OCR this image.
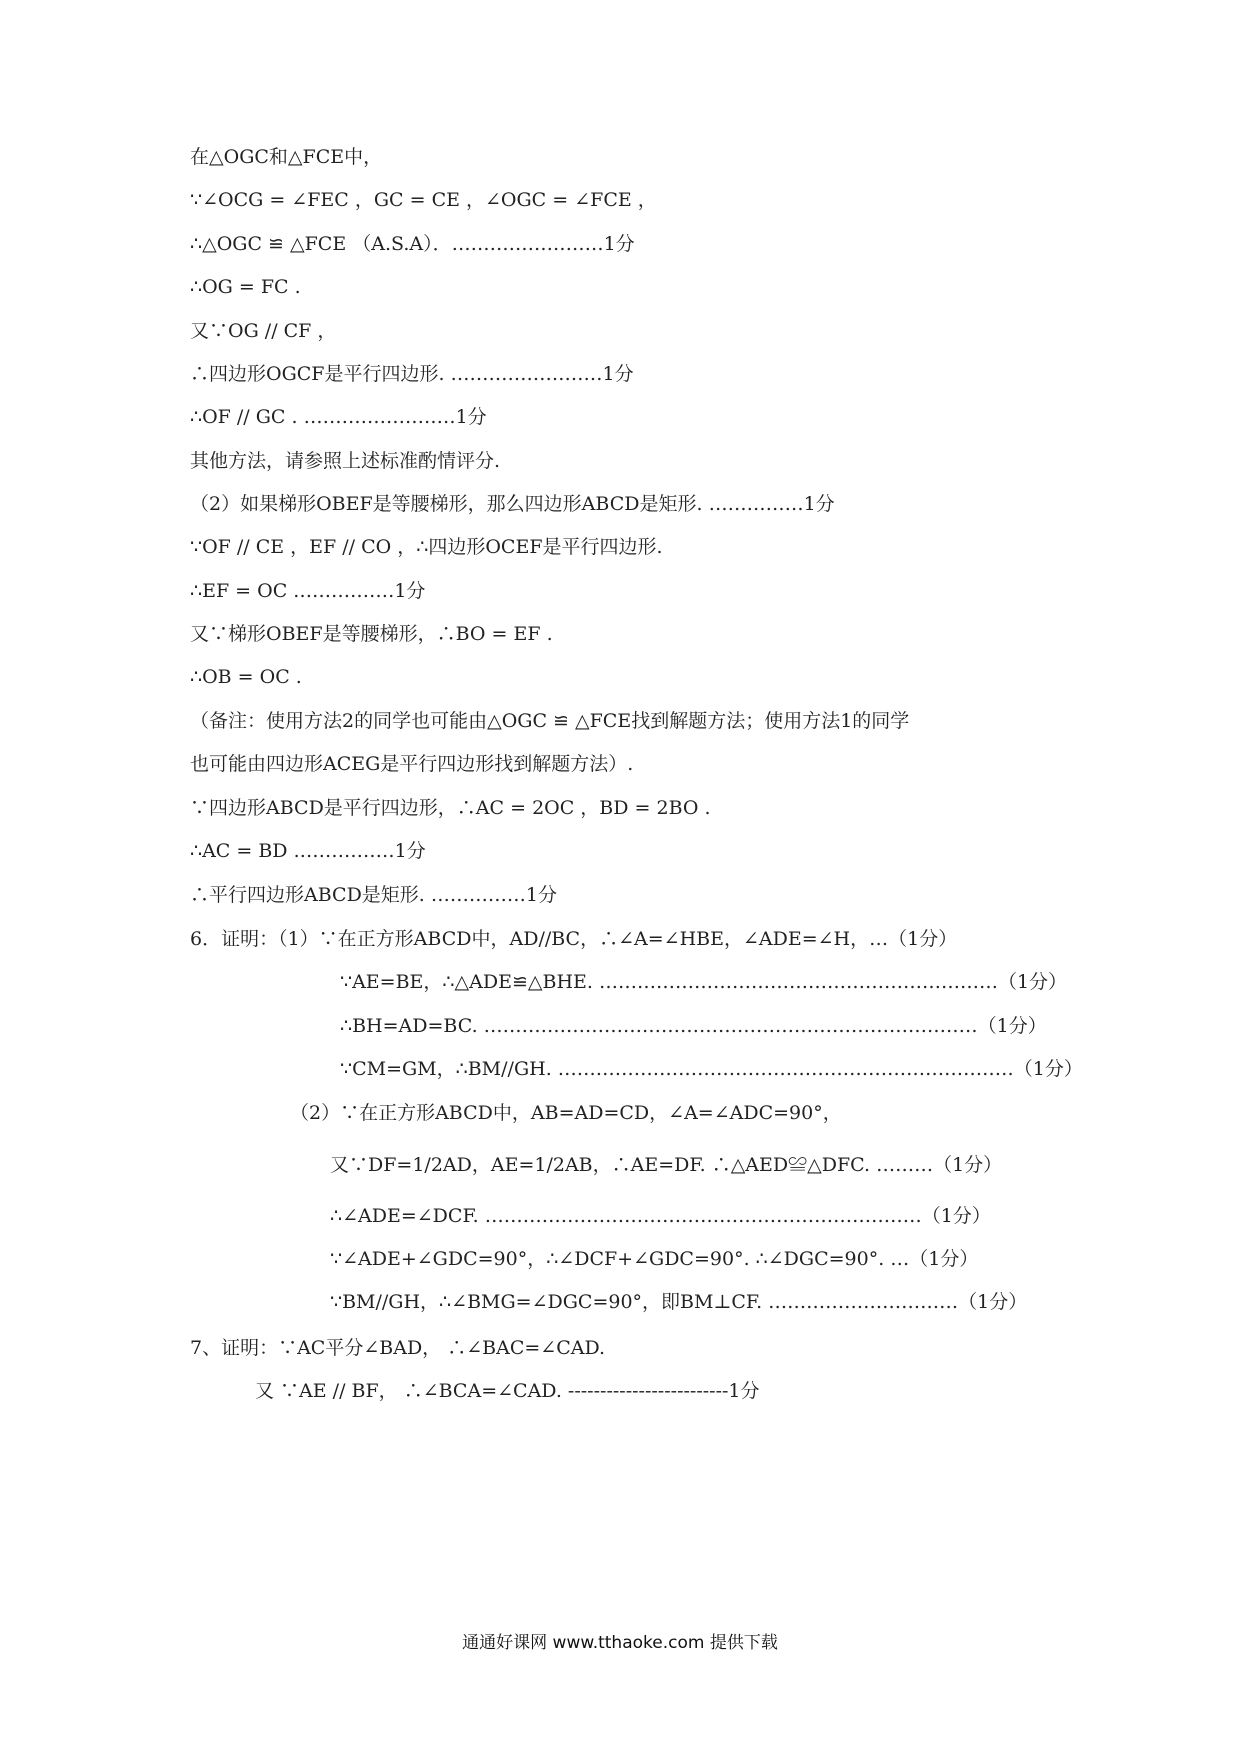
在△OGC和△FCE中，
∵∠OCG = ∠FEC ，GC = CE ，∠OGC = ∠FCE ，
∴△OGC ≌ △FCE （A.S.A）．……………………1分
∴OG = FC .
又∵OG // CF ，
∴四边形OGCF是平行四边形. ……………………1分
∴OF // GC . ……………………1分
其他方法，请参照上述标准酌情评分.
（2）如果梯形OBEF是等腰梯形，那么四边形ABCD是矩形. ……………1分
∵OF // CE ，EF // CO ，∴四边形OCEF是平行四边形.
∴EF = OC .……………1分
又∵梯形OBEF是等腰梯形，∴BO = EF .
∴OB = OC .
（备注：使用方法2的同学也可能由△OGC ≌ △FCE找到解题方法；使用方法1的同学
也可能由四边形ACEG是平行四边形找到解题方法）.
∵四边形ABCD是平行四边形，∴AC = 2OC ，BD = 2BO .
∴AC = BD .……………1分
∴平行四边形ABCD是矩形. ……………1分
6．证明：（1）∵在正方形ABCD中，AD//BC，∴∠A=∠HBE，∠ADE=∠H，…（1分）
∵AE=BE，∴△ADE≌△BHE. ………………………………………………………（1分）
∴BH=AD=BC. ……………………………………………………………………（1分）
∵CM=GM，∴BM//GH. ………………………………………………………………（1分）
（2）∵在正方形ABCD中，AB=AD=CD，∠A=∠ADC=90°，
又∵DF=1/2AD，AE=1/2AB，∴AE=DF. ∴△AED≌△DFC. ………（1分）
∴∠ADE=∠DCF. ……………………………………………………………（1分）
∵∠ADE+∠GDC=90°，∴∠DCF+∠GDC=90°. ∴∠DGC=90°. …（1分）
∵BM//GH，∴∠BMG=∠DGC=90°，即BM⊥CF. …………………………（1分）
7、证明：∵AC平分∠BAD， ∴∠BAC=∠CAD.
又 ∵AE // BF， ∴∠BCA=∠CAD. -------------------------1分
通通好课网 www.tthaoke.com 提供下载
